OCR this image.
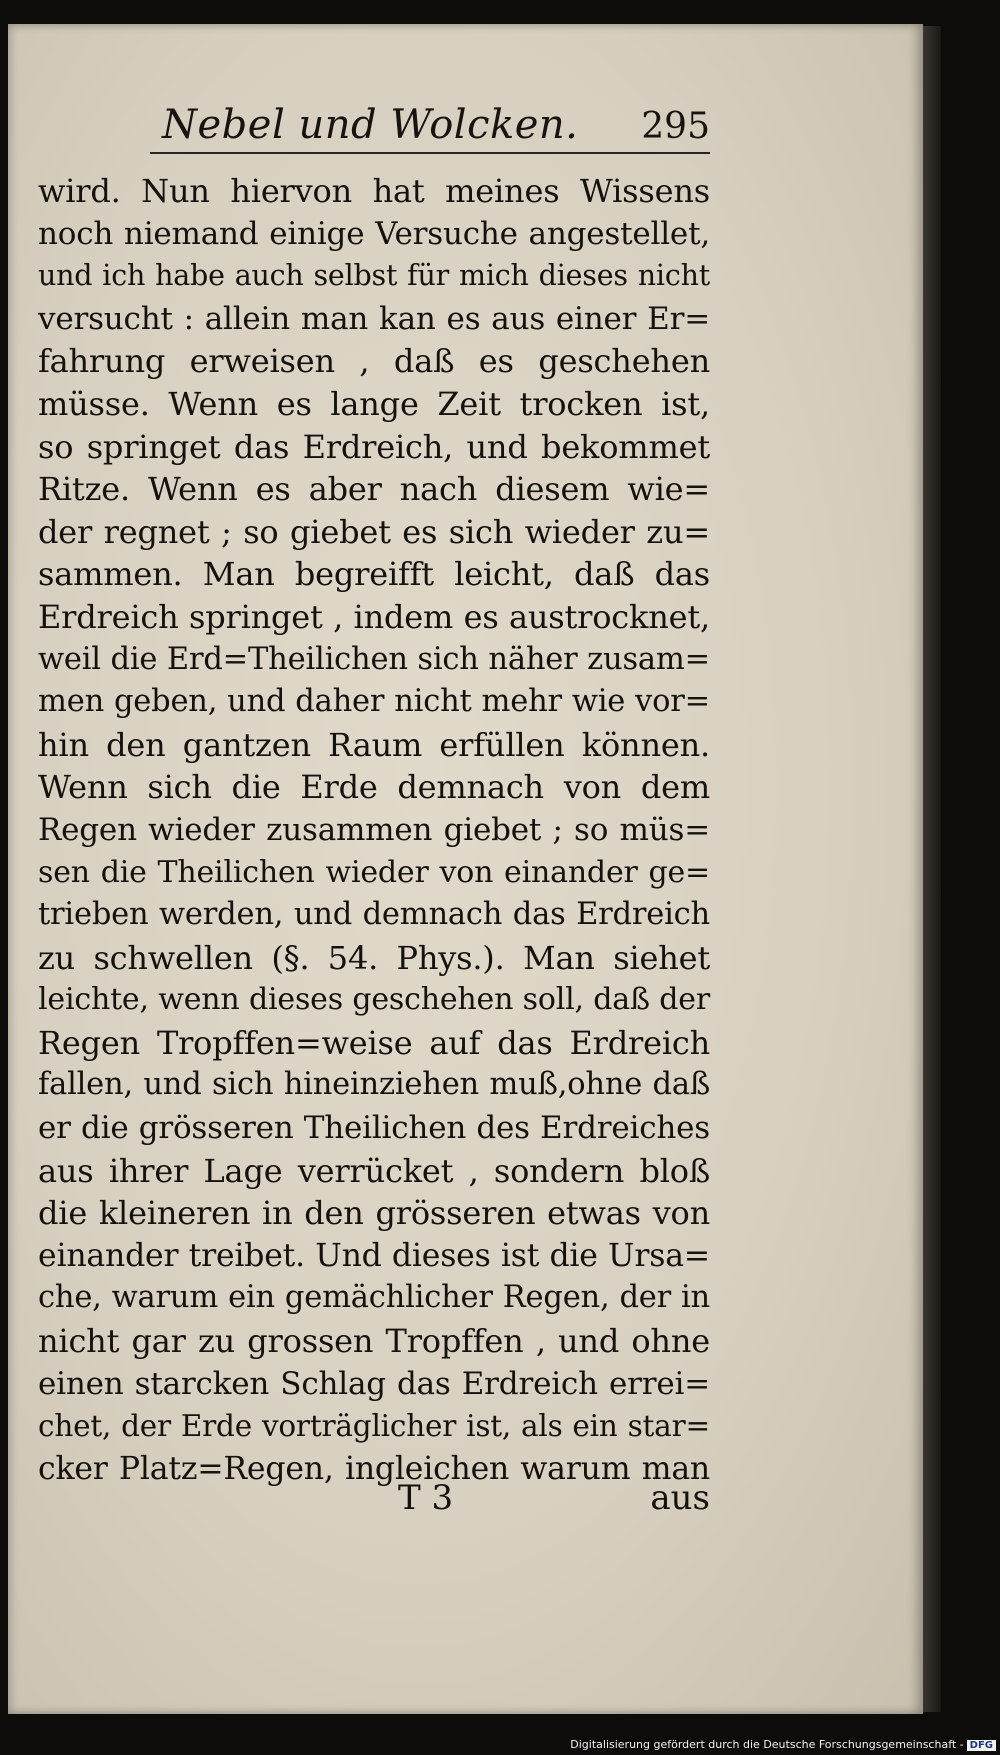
Nebel und Wolcken. 295
wird. Nun hiervon hat meines Wissens
noch niemand einige Versuche angestellet,
und ich habe auch selbst für mich dieses nicht
versucht : allein man kan es aus einer Er=
fahrung erweisen , daß es geschehen
müsse. Wenn es lange Zeit trocken ist,
so springet das Erdreich, und bekommet
Ritze. Wenn es aber nach diesem wie=
der regnet ; so giebet es sich wieder zu=
sammen. Man begreifft leicht, daß das
Erdreich springet , indem es austrocknet,
weil die Erd=Theilichen sich näher zusam=
men geben, und daher nicht mehr wie vor=
hin den gantzen Raum erfüllen können.
Wenn sich die Erde demnach von dem
Regen wieder zusammen giebet ; so müs=
sen die Theilichen wieder von einander ge=
trieben werden, und demnach das Erdreich
zu schwellen (§. 54. Phys.). Man siehet
leichte, wenn dieses geschehen soll, daß der
Regen Tropffen=weise auf das Erdreich
fallen, und sich hineinziehen muß,ohne daß
er die grösseren Theilichen des Erdreiches
aus ihrer Lage verrücket , sondern bloß
die kleineren in den grösseren etwas von
einander treibet. Und dieses ist die Ursa=
che, warum ein gemächlicher Regen, der in
nicht gar zu grossen Tropffen , und ohne
einen starcken Schlag das Erdreich errei=
chet, der Erde vorträglicher ist, als ein star=
cker Platz=Regen, ingleichen warum man
T 3	aus
Digitalisierung gefördert durch die Deutsche Forschungsgemeinschaft - DFG
